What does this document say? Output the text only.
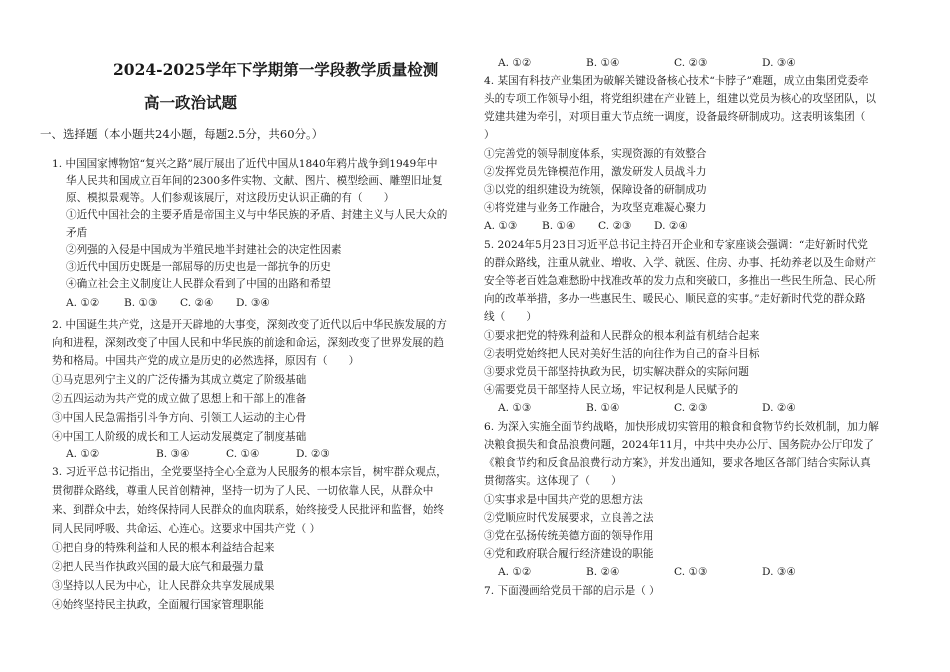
2024-2025学年下学期第一学段教学质量检测
高一政治试题
一、选择题（本小题共24小题，每题2.5分，共60分。）
1. 中国国家博物馆“复兴之路”展厅展出了近代中国从1840年鸦片战争到1949年中
华人民共和国成立百年间的2300多件实物、文献、图片、模型绘画、雕塑旧址复
原、模拟景观等。人们参观该展厅，对这段历史认识正确的有（　　）
①近代中国社会的主要矛盾是帝国主义与中华民族的矛盾、封建主义与人民大众的
矛盾
②列强的入侵是中国成为半殖民地半封建社会的决定性因素
③近代中国历史既是一部屈辱的历史也是一部抗争的历史
④确立社会主义制度让人民群众看到了中国的出路和希望
A. ①② B. ①③ C. ②④ D. ③④
2. 中国诞生共产党，这是开天辟地的大事变，深刻改变了近代以后中华民族发展的方
向和进程，深刻改变了中国人民和中华民族的前途和命运，深刻改变了世界发展的趋
势和格局。中国共产党的成立是历史的必然选择，原因有（　　）
①马克思列宁主义的广泛传播为其成立奠定了阶级基础
②五四运动为共产党的成立做了思想上和干部上的准备
③中国人民急需指引斗争方向、引领工人运动的主心骨
④中国工人阶级的成长和工人运动发展奠定了制度基础
3. 习近平总书记指出，全党要坚持全心全意为人民服务的根本宗旨，树牢群众观点，
贯彻群众路线，尊重人民首创精神，坚持一切为了人民、一切依靠人民，从群众中
来、到群众中去，始终保持同人民群众的血肉联系，始终接受人民批评和监督，始终
同人民同呼吸、共命运、心连心。这要求中国共产党（ ）
①把自身的特殊利益和人民的根本利益结合起来
②把人民当作执政兴国的最大底气和最强力量
③坚持以人民为中心，让人民群众共享发展成果
④始终坚持民主执政，全面履行国家管理职能
A. ①②	B. ③④	C. ①④	D. ②③
A. ①②	B. ①④	C. ②③	D. ③④
4. 某国有科技产业集团为破解关键设备核心技术“卡脖子”难题，成立由集团党委牵
头的专项工作领导小组，将党组织建在产业链上，组建以党员为核心的攻坚团队，以
党建共建为牵引，对项目重大节点统一调度，设备最终研制成功。这表明该集团（
）
①完善党的领导制度体系，实现资源的有效整合
②发挥党员先锋模范作用，激发研发人员战斗力
③以党的组织建设为统领，保障设备的研制成功
④将党建与业务工作融合，为攻坚克难凝心聚力
A. ①③ B. ①④ C. ②③ D. ②④
5. 2024年5月23日习近平总书记主持召开企业和专家座谈会强调：“走好新时代党
的群众路线，注重从就业、增收、入学、就医、住房、办事、托幼养老以及生命财产
安全等老百姓急难愁盼中找准改革的发力点和突破口，多推出一些民生所急、民心所
向的改革举措，多办一些惠民生、暖民心、顺民意的实事。”走好新时代党的群众路
线（　　）
①要求把党的特殊利益和人民群众的根本利益有机结合起来
②表明党始终把人民对美好生活的向往作为自己的奋斗目标
③要求党员干部坚持执政为民，切实解决群众的实际问题
④需要党员干部坚持人民立场，牢记权利是人民赋予的
A. ①③	B. ①④	C. ②③	D. ②④
6. 为深入实施全面节约战略，加快形成切实管用的粮食和食物节约长效机制，加力解
决粮食损失和食品浪费问题，2024年11月，中共中央办公厅、国务院办公厅印发了
《粮食节约和反食品浪费行动方案》，并发出通知，要求各地区各部门结合实际认真
贯彻落实。这体现了（　　）
①实事求是中国共产党的思想方法
②党顺应时代发展要求，立良善之法
③党在弘扬传统美德方面的领导作用
④党和政府联合履行经济建设的职能
A. ①②	B. ②④	C. ①③	D. ③④
7. 下面漫画给党员干部的启示是（ ）
